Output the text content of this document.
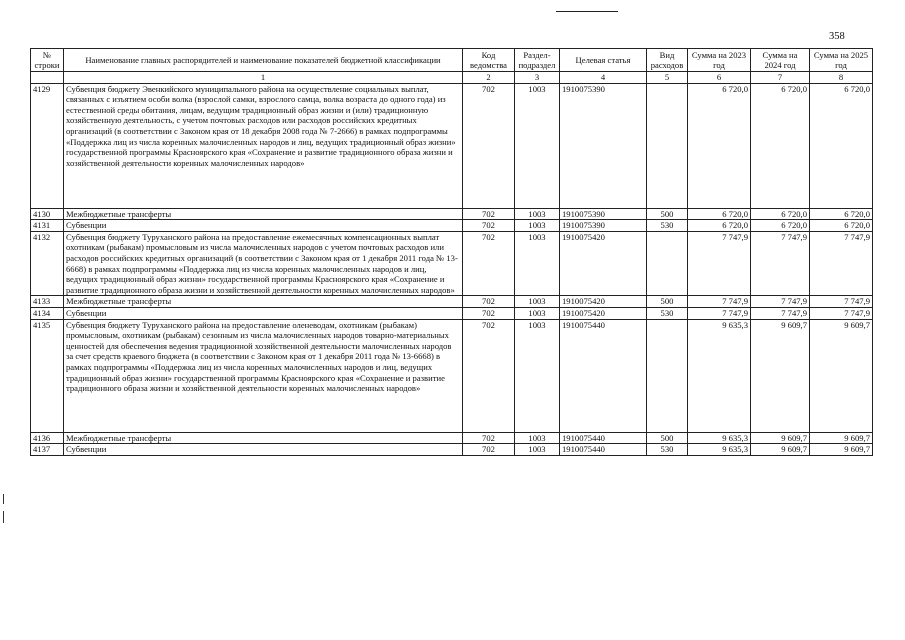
358
№ строки	Наименование главных распорядителей и наименование показателей бюджетной классификации	Код ведомства	Раздел-подраздел	Целевая статья	Вид расходов	Сумма на 2023 год	Сумма на 2024 год	Сумма на 2025 год
	1	2	3	4	5	6	7	8
4129	Субвенция бюджету Эвенкийского муниципального района на осуществление социальных выплат, связанных с изъятием особи волка (взрослой самки, взрослого самца, волка возраста до одного года) из естественной среды обитания, лицам, ведущим традиционный образ жизни и (или) традиционную хозяйственную деятельность, с учетом почтовых расходов или расходов российских кредитных организаций (в соответствии с Законом края от 18 декабря 2008 года № 7-2666) в рамках подпрограммы «Поддержка лиц из числа коренных малочисленных народов и лиц, ведущих традиционный образ жизни» государственной программы Красноярского края «Сохранение и развитие традиционного образа жизни и хозяйственной деятельности коренных малочисленных народов»	702	1003	1910075390		6 720,0	6 720,0	6 720,0
4130	Межбюджетные трансферты	702	1003	1910075390	500	6 720,0	6 720,0	6 720,0
4131	Субвенции	702	1003	1910075390	530	6 720,0	6 720,0	6 720,0
4132	Субвенция бюджету Туруханского района на предоставление ежемесячных компенсационных выплат охотникам (рыбакам) промысловым из числа малочисленных народов с учетом почтовых расходов или расходов российских кредитных организаций (в соответствии с Законом края от 1 декабря 2011 года № 13-6668) в рамках подпрограммы «Поддержка лиц из числа коренных малочисленных народов и лиц, ведущих традиционный образ жизни» государственной программы Красноярского края «Сохранение и развитие традиционного образа жизни и хозяйственной деятельности коренных малочисленных народов»	702	1003	1910075420		7 747,9	7 747,9	7 747,9
4133	Межбюджетные трансферты	702	1003	1910075420	500	7 747,9	7 747,9	7 747,9
4134	Субвенции	702	1003	1910075420	530	7 747,9	7 747,9	7 747,9
4135	Субвенция бюджету Туруханского района на предоставление оленеводам, охотникам (рыбакам) промысловым, охотникам (рыбакам) сезонным из числа малочисленных народов товарно-материальных ценностей для обеспечения ведения традиционной хозяйственной деятельности малочисленных народов за счет средств краевого бюджета (в соответствии с Законом края от 1 декабря 2011 года № 13-6668) в рамках подпрограммы «Поддержка лиц из числа коренных малочисленных народов и лиц, ведущих традиционный образ жизни» государственной программы Красноярского края «Сохранение и развитие традиционного образа жизни и хозяйственной деятельности коренных малочисленных народов»	702	1003	1910075440		9 635,3	9 609,7	9 609,7
4136	Межбюджетные трансферты	702	1003	1910075440	500	9 635,3	9 609,7	9 609,7
4137	Субвенции	702	1003	1910075440	530	9 635,3	9 609,7	9 609,7
